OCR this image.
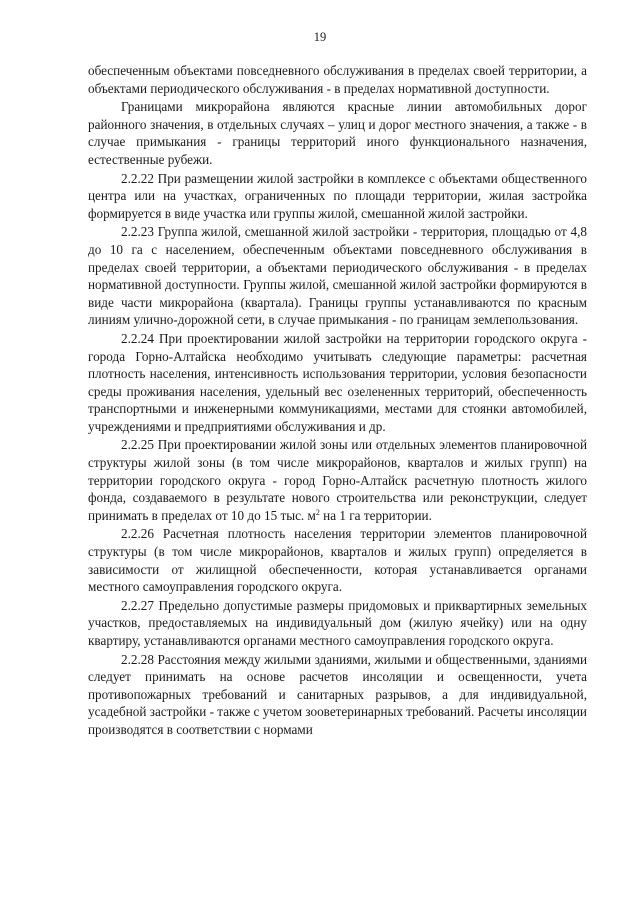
19

обеспеченным объектами повседневного обслуживания в пределах своей территории, а объектами периодического обслуживания - в пределах нормативной доступности.

Границами микрорайона являются красные линии автомобильных дорог районного значения, в отдельных случаях – улиц и дорог местного значения, а также - в случае примыкания - границы территорий иного функционального назначения, естественные рубежи.

2.2.22 При размещении жилой застройки в комплексе с объектами общественного центра или на участках, ограниченных по площади территории, жилая застройка формируется в виде участка или группы жилой, смешанной жилой застройки.

2.2.23 Группа жилой, смешанной жилой застройки - территория, площадью от 4,8 до 10 га с населением, обеспеченным объектами повседневного обслуживания в пределах своей территории, а объектами периодического обслуживания - в пределах нормативной доступности. Группы жилой, смешанной жилой застройки формируются в виде части микрорайона (квартала). Границы группы устанавливаются по красным линиям улично-дорожной сети, в случае примыкания - по границам землепользования.

2.2.24 При проектировании жилой застройки на территории городского округа - города Горно-Алтайска необходимо учитывать следующие параметры: расчетная плотность населения, интенсивность использования территории, условия безопасности среды проживания населения, удельный вес озелененных территорий, обеспеченность транспортными и инженерными коммуникациями, местами для стоянки автомобилей, учреждениями и предприятиями обслуживания и др.

2.2.25 При проектировании жилой зоны или отдельных элементов планировочной структуры жилой зоны (в том числе микрорайонов, кварталов и жилых групп) на территории городского округа - город Горно-Алтайск расчетную плотность жилого фонда, создаваемого в результате нового строительства или реконструкции, следует принимать в пределах от 10 до 15 тыс. $м^2$ на 1 га территории.

2.2.26 Расчетная плотность населения территории элементов планировочной структуры (в том числе микрорайонов, кварталов и жилых групп) определяется в зависимости от жилищной обеспеченности, которая устанавливается органами местного самоуправления городского округа.

2.2.27 Предельно допустимые размеры придомовых и приквартирных земельных участков, предоставляемых на индивидуальный дом (жилую ячейку) или на одну квартиру, устанавливаются органами местного самоуправления городского округа.

2.2.28 Расстояния между жилыми зданиями, жилыми и общественными, зданиями следует принимать на основе расчетов инсоляции и освещенности, учета противопожарных требований и санитарных разрывов, а для индивидуальной, усадебной застройки - также с учетом зооветеринарных требований. Расчеты инсоляции производятся в соответствии с нормами
